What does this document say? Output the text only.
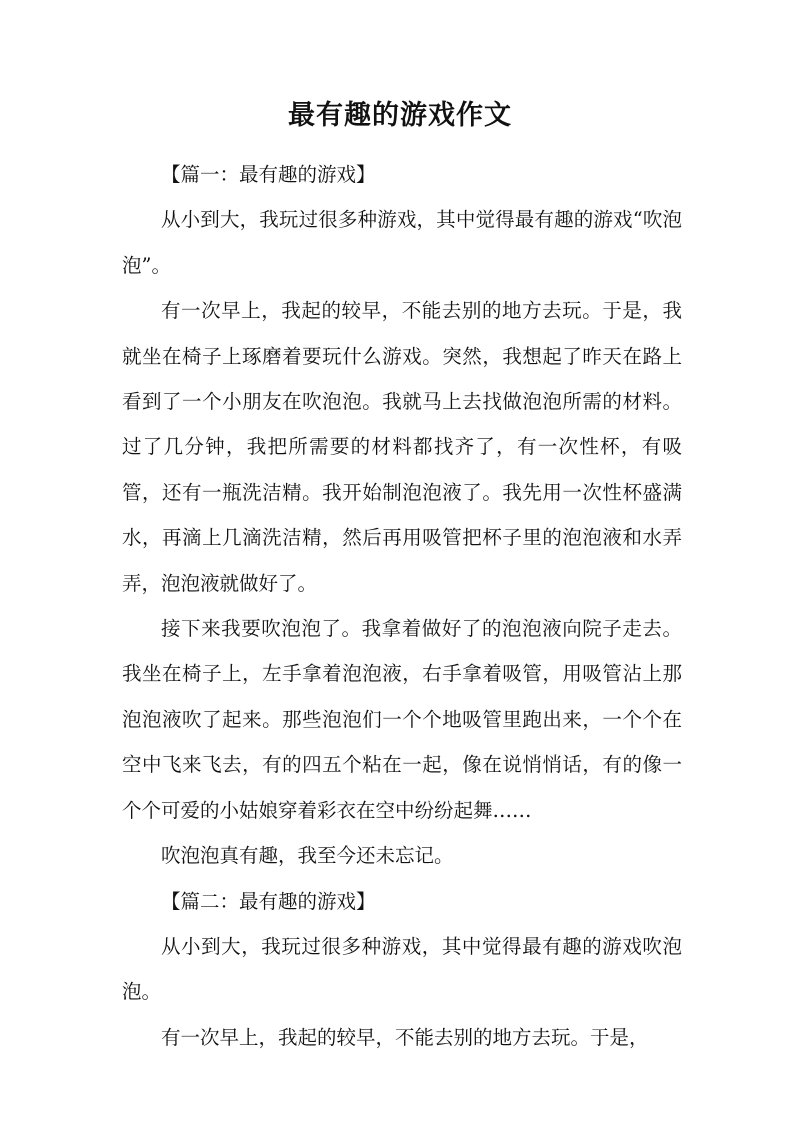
最有趣的游戏作文

【篇一：最有趣的游戏】

从小到大，我玩过很多种游戏，其中觉得最有趣的游戏“吹泡泡”。

有一次早上，我起的较早，不能去别的地方去玩。于是，我就坐在椅子上琢磨着要玩什么游戏。突然，我想起了昨天在路上看到了一个小朋友在吹泡泡。我就马上去找做泡泡所需的材料。过了几分钟，我把所需要的材料都找齐了，有一次性杯，有吸管，还有一瓶洗洁精。我开始制泡泡液了。我先用一次性杯盛满水，再滴上几滴洗洁精，然后再用吸管把杯子里的泡泡液和水弄弄，泡泡液就做好了。

接下来我要吹泡泡了。我拿着做好了的泡泡液向院子走去。我坐在椅子上，左手拿着泡泡液，右手拿着吸管，用吸管沾上那泡泡液吹了起来。那些泡泡们一个个地吸管里跑出来，一个个在空中飞来飞去，有的四五个粘在一起，像在说悄悄话，有的像一个个可爱的小姑娘穿着彩衣在空中纷纷起舞……

吹泡泡真有趣，我至今还未忘记。

【篇二：最有趣的游戏】

从小到大，我玩过很多种游戏，其中觉得最有趣的游戏吹泡泡。

有一次早上，我起的较早，不能去别的地方去玩。于是，
